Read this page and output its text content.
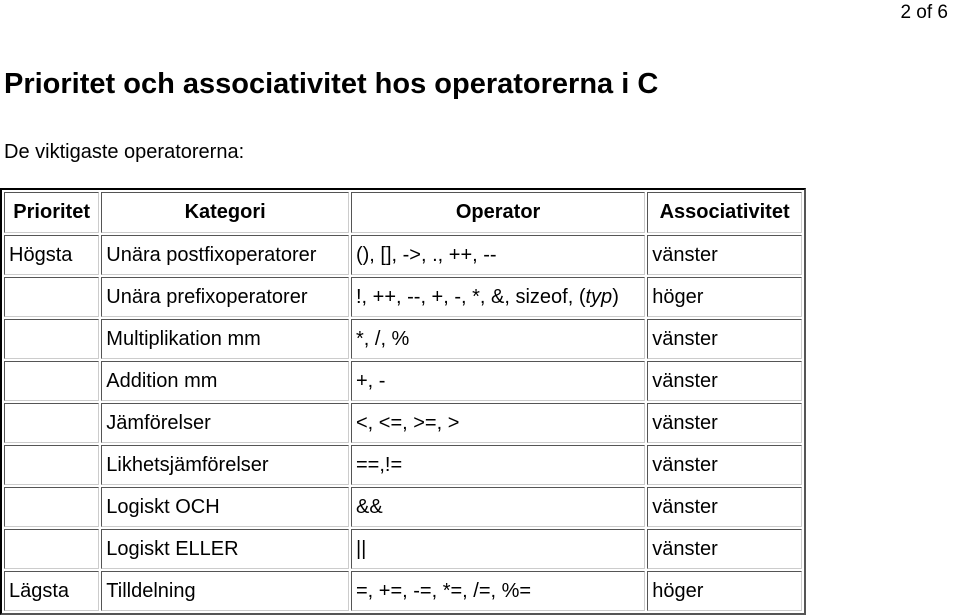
2 of 6
Prioritet och associativitet hos operatorerna i C

De viktigaste operatorerna:

Prioritet	Kategori	Operator	Associativitet
Högsta	Unära postfixoperatorer	(), [], ->, ., ++, --	vänster
	Unära prefixoperatorer	!, ++, --, +, -, *, &, sizeof, (typ)	höger
	Multiplikation mm	*, /, %	vänster
	Addition mm	+, -	vänster
	Jämförelser	<, <=, >=, >	vänster
	Likhetsjämförelser	==,!=	vänster
	Logiskt OCH	&&	vänster
	Logiskt ELLER	||	vänster
Lägsta	Tilldelning	=, +=, -=, *=, /=, %=	höger
